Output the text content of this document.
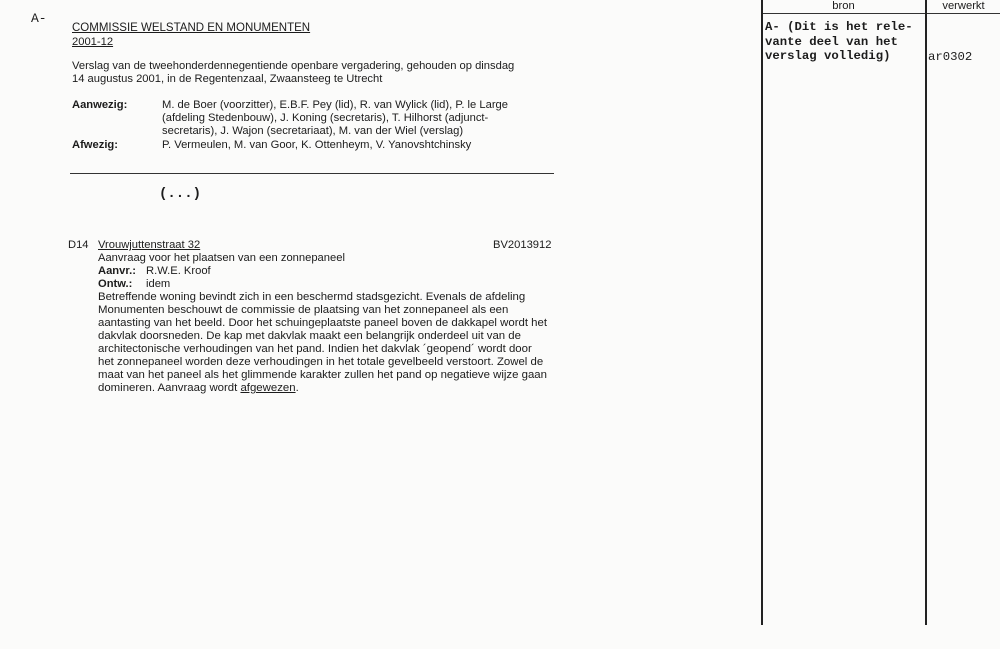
A-
COMMISSIE WELSTAND EN MONUMENTEN
2001-12
Verslag van de tweehonderdennegentiende openbare vergadering, gehouden op dinsdag
14 augustus 2001, in de Regentenzaal, Zwaansteeg te Utrecht
Aanwezig:	M. de Boer (voorzitter), E.B.F. Pey (lid), R. van Wylick (lid), P. le Large
(afdeling Stedenbouw), J. Koning (secretaris), T. Hilhorst (adjunct-
secretaris), J. Wajon (secretariaat), M. van der Wiel (verslag)
Afwezig:	P. Vermeulen, M. van Goor, K. Ottenheym, V. Yanovshtchinsky
(...)
D14 Vrouwjuttenstraat 32	BV2013912
Aanvraag voor het plaatsen van een zonnepaneel
Aanvr.: R.W.E. Kroof
Ontw.: idem
Betreffende woning bevindt zich in een beschermd stadsgezicht. Evenals de afdeling
Monumenten beschouwt de commissie de plaatsing van het zonnepaneel als een
aantasting van het beeld. Door het schuingeplaatste paneel boven de dakkapel wordt het
dakvlak doorsneden. De kap met dakvlak maakt een belangrijk onderdeel uit van de
architectonische verhoudingen van het pand. Indien het dakvlak ´geopend´ wordt door
het zonnepaneel worden deze verhoudingen in het totale gevelbeeld verstoort. Zowel de
maat van het paneel als het glimmende karakter zullen het pand op negatieve wijze gaan
domineren. Aanvraag wordt afgewezen.
bron	verwerkt
A- (Dit is het rele-
vante deel van het
verslag volledig)	ar0302
